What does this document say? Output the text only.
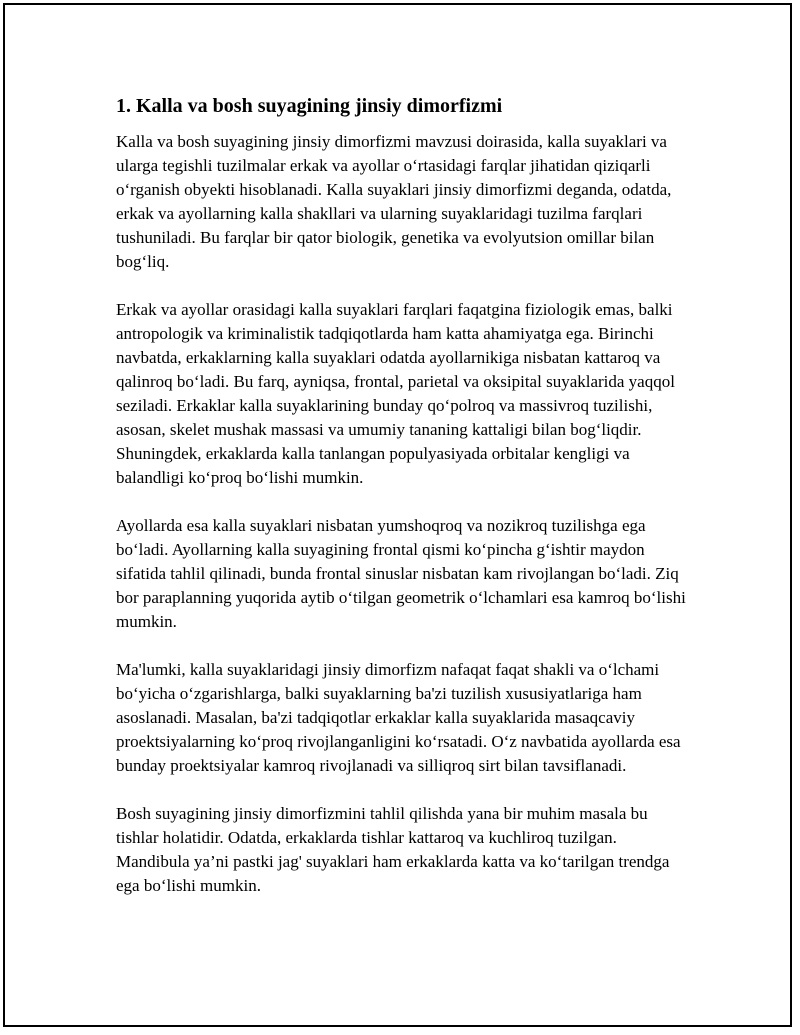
1. Kalla va bosh suyagining jinsiy dimorfizmi

Kalla va bosh suyagining jinsiy dimorfizmi mavzusi doirasida, kalla suyaklari va ularga tegishli tuzilmalar erkak va ayollar o‘rtasidagi farqlar jihatidan qiziqarli o‘rganish obyekti hisoblanadi. Kalla suyaklari jinsiy dimorfizmi deganda, odatda, erkak va ayollarning kalla shakllari va ularning suyaklaridagi tuzilma farqlari tushuniladi. Bu farqlar bir qator biologik, genetika va evolyutsion omillar bilan bog‘liq.

Erkak va ayollar orasidagi kalla suyaklari farqlari faqatgina fiziologik emas, balki antropologik va kriminalistik tadqiqotlarda ham katta ahamiyatga ega. Birinchi navbatda, erkaklarning kalla suyaklari odatda ayollarnikiga nisbatan kattaroq va qalinroq bo‘ladi. Bu farq, ayniqsa, frontal, parietal va oksipital suyaklarida yaqqol seziladi. Erkaklar kalla suyaklarining bunday qo‘polroq va massivroq tuzilishi, asosan, skelet mushak massasi va umumiy tananing kattaligi bilan bog‘liqdir. Shuningdek, erkaklarda kalla tanlangan populyasiyada orbitalar kengligi va balandligi ko‘proq bo‘lishi mumkin.

Ayollarda esa kalla suyaklari nisbatan yumshoqroq va nozikroq tuzilishga ega bo‘ladi. Ayollarning kalla suyagining frontal qismi ko‘pincha g‘ishtir maydon sifatida tahlil qilinadi, bunda frontal sinuslar nisbatan kam rivojlangan bo‘ladi. Ziq bor paraplanning yuqorida aytib o‘tilgan geometrik o‘lchamlari esa kamroq bo‘lishi mumkin.

Ma'lumki, kalla suyaklaridagi jinsiy dimorfizm nafaqat faqat shakli va o‘lchami bo‘yicha o‘zgarishlarga, balki suyaklarning ba'zi tuzilish xususiyatlariga ham asoslanadi. Masalan, ba'zi tadqiqotlar erkaklar kalla suyaklarida masaqcaviy proektsiyalarning ko‘proq rivojlanganligini ko‘rsatadi. O‘z navbatida ayollarda esa bunday proektsiyalar kamroq rivojlanadi va silliqroq sirt bilan tavsiflanadi.

Bosh suyagining jinsiy dimorfizmini tahlil qilishda yana bir muhim masala bu tishlar holatidir. Odatda, erkaklarda tishlar kattaroq va kuchliroq tuzilgan. Mandibula ya’ni pastki jag' suyaklari ham erkaklarda katta va ko‘tarilgan trendga ega bo‘lishi mumkin.
